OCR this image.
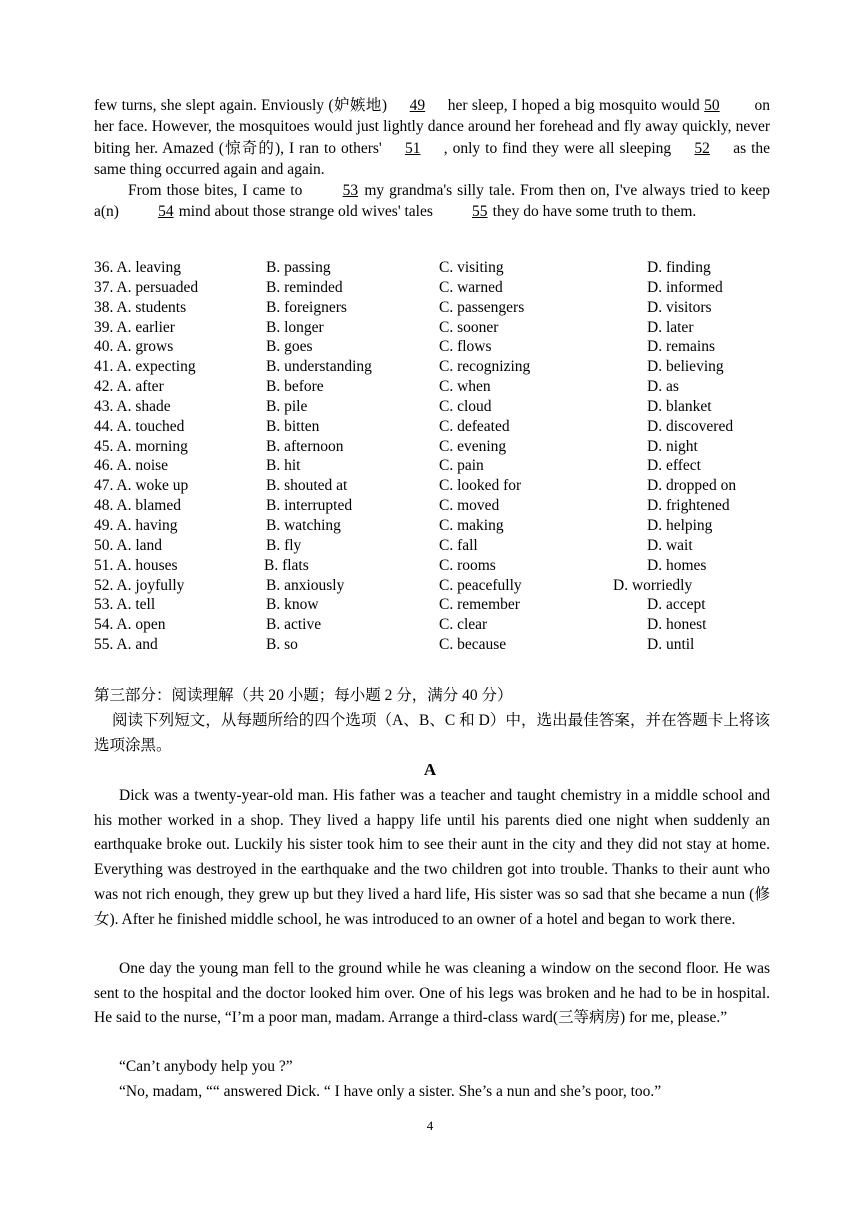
few turns, she slept again. Enviously (妒嫉地) 49 her sleep, I hoped a big mosquito would 50 on her face. However, the mosquitoes would just lightly dance around her forehead and fly away quickly, never biting her. Amazed (惊奇的), I ran to others' 51 , only to find they were all sleeping 52 as the same thing occurred again and again.

From those bites, I came to	53 my grandma's silly tale. From then on, I've always tried to keep a(n)	54 mind about those strange old wives' tales	55 they do have some truth to them.

36. A. leaving	B. passing	C. visiting	D. finding
37. A. persuaded	B. reminded	C. warned	D. informed
38. A. students	B. foreigners	C. passengers	D. visitors
39. A. earlier	B. longer	C. sooner	D. later
40. A. grows	B. goes	C. flows	D. remains
41. A. expecting	B. understanding	C. recognizing	D. believing
42. A. after	B. before	C. when	D. as
43. A. shade	B. pile	C. cloud	D. blanket
44. A. touched	B. bitten	C. defeated	D. discovered
45. A. morning	B. afternoon	C. evening	D. night
46. A. noise	B. hit	C. pain	D. effect
47. A. woke up	B. shouted at	C. looked for	D. dropped on
48. A. blamed	B. interrupted	C. moved	D. frightened
49. A. having	B. watching	C. making	D. helping
50. A. land	B. fly	C. fall	D. wait
51. A. houses	B. flats	C. rooms	D. homes
52. A. joyfully	B. anxiously	C. peacefully	D. worriedly
53. A. tell	B. know	C. remember	D. accept
54. A. open	B. active	C. clear	D. honest
55. A. and	B. so	C. because	D. until

第三部分：阅读理解（共 20 小题；每小题 2 分，满分 40 分）

阅读下列短文，从每题所给的四个选项（A、B、C 和 D）中，选出最佳答案，并在答题卡上将该选项涂黑。

A

Dick was a twenty-year-old man. His father was a teacher and taught chemistry in a middle school and his mother worked in a shop. They lived a happy life until his parents died one night when suddenly an earthquake broke out. Luckily his sister took him to see their aunt in the city and they did not stay at home. Everything was destroyed in the earthquake and the two children got into trouble. Thanks to their aunt who was not rich enough, they grew up but they lived a hard life, His sister was so sad that she became a nun (修女). After he finished middle school, he was introduced to an owner of a hotel and began to work there.

One day the young man fell to the ground while he was cleaning a window on the second floor. He was sent to the hospital and the doctor looked him over. One of his legs was broken and he had to be in hospital. He said to the nurse, “I’m a poor man, madam. Arrange a third-class ward(三等病房) for me, please.”

“Can’t anybody help you ?”

“No, madam, ““ answered Dick. “ I have only a sister. She’s a nun and she’s poor, too.”

4
